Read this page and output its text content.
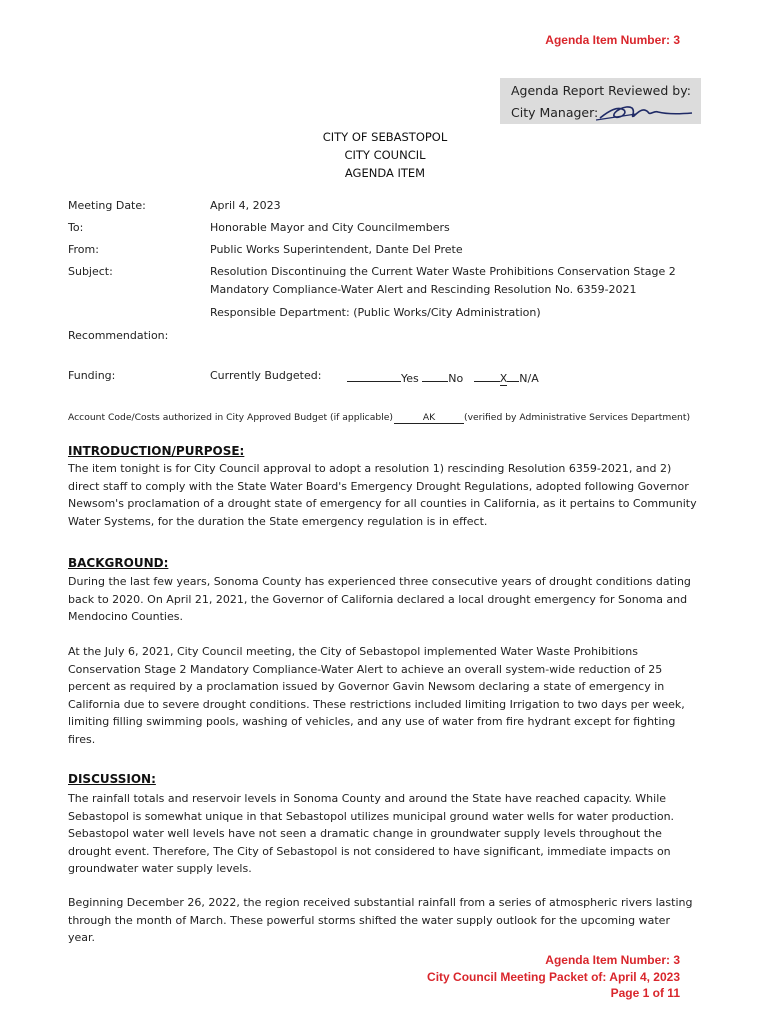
Agenda Item Number: 3
Agenda Report Reviewed by:
City Manager:
CITY OF SEBASTOPOL
CITY COUNCIL
AGENDA ITEM
Meeting Date:	April 4, 2023
To:	Honorable Mayor and City Councilmembers
From:	Public Works Superintendent, Dante Del Prete
Subject:	Resolution Discontinuing the Current Water Waste Prohibitions Conservation Stage 2
Mandatory Compliance-Water Alert and Rescinding Resolution No. 6359-2021
Responsible Department: (Public Works/City Administration)
Recommendation:
Funding:	Currently Budgeted:	Yes	No	X N/A
Account Code/Costs authorized in City Approved Budget (if applicable)	AK	(verified by Administrative Services Department)
INTRODUCTION/PURPOSE:
The item tonight is for City Council approval to adopt a resolution 1) rescinding Resolution 6359-2021, and 2)
direct staff to comply with the State Water Board's Emergency Drought Regulations, adopted following Governor
Newsom's proclamation of a drought state of emergency for all counties in California, as it pertains to Community
Water Systems, for the duration the State emergency regulation is in effect.
BACKGROUND:
During the last few years, Sonoma County has experienced three consecutive years of drought conditions dating
back to 2020. On April 21, 2021, the Governor of California declared a local drought emergency for Sonoma and
Mendocino Counties.
At the July 6, 2021, City Council meeting, the City of Sebastopol implemented Water Waste Prohibitions
Conservation Stage 2 Mandatory Compliance-Water Alert to achieve an overall system-wide reduction of 25
percent as required by a proclamation issued by Governor Gavin Newsom declaring a state of emergency in
California due to severe drought conditions. These restrictions included limiting Irrigation to two days per week,
limiting filling swimming pools, washing of vehicles, and any use of water from fire hydrant except for fighting
fires.
DISCUSSION:
The rainfall totals and reservoir levels in Sonoma County and around the State have reached capacity. While
Sebastopol is somewhat unique in that Sebastopol utilizes municipal ground water wells for water production.
Sebastopol water well levels have not seen a dramatic change in groundwater supply levels throughout the
drought event. Therefore, The City of Sebastopol is not considered to have significant, immediate impacts on
groundwater water supply levels.
Beginning December 26, 2022, the region received substantial rainfall from a series of atmospheric rivers lasting
through the month of March. These powerful storms shifted the water supply outlook for the upcoming water
year.
Agenda Item Number: 3
City Council Meeting Packet of: April 4, 2023
Page 1 of 11
